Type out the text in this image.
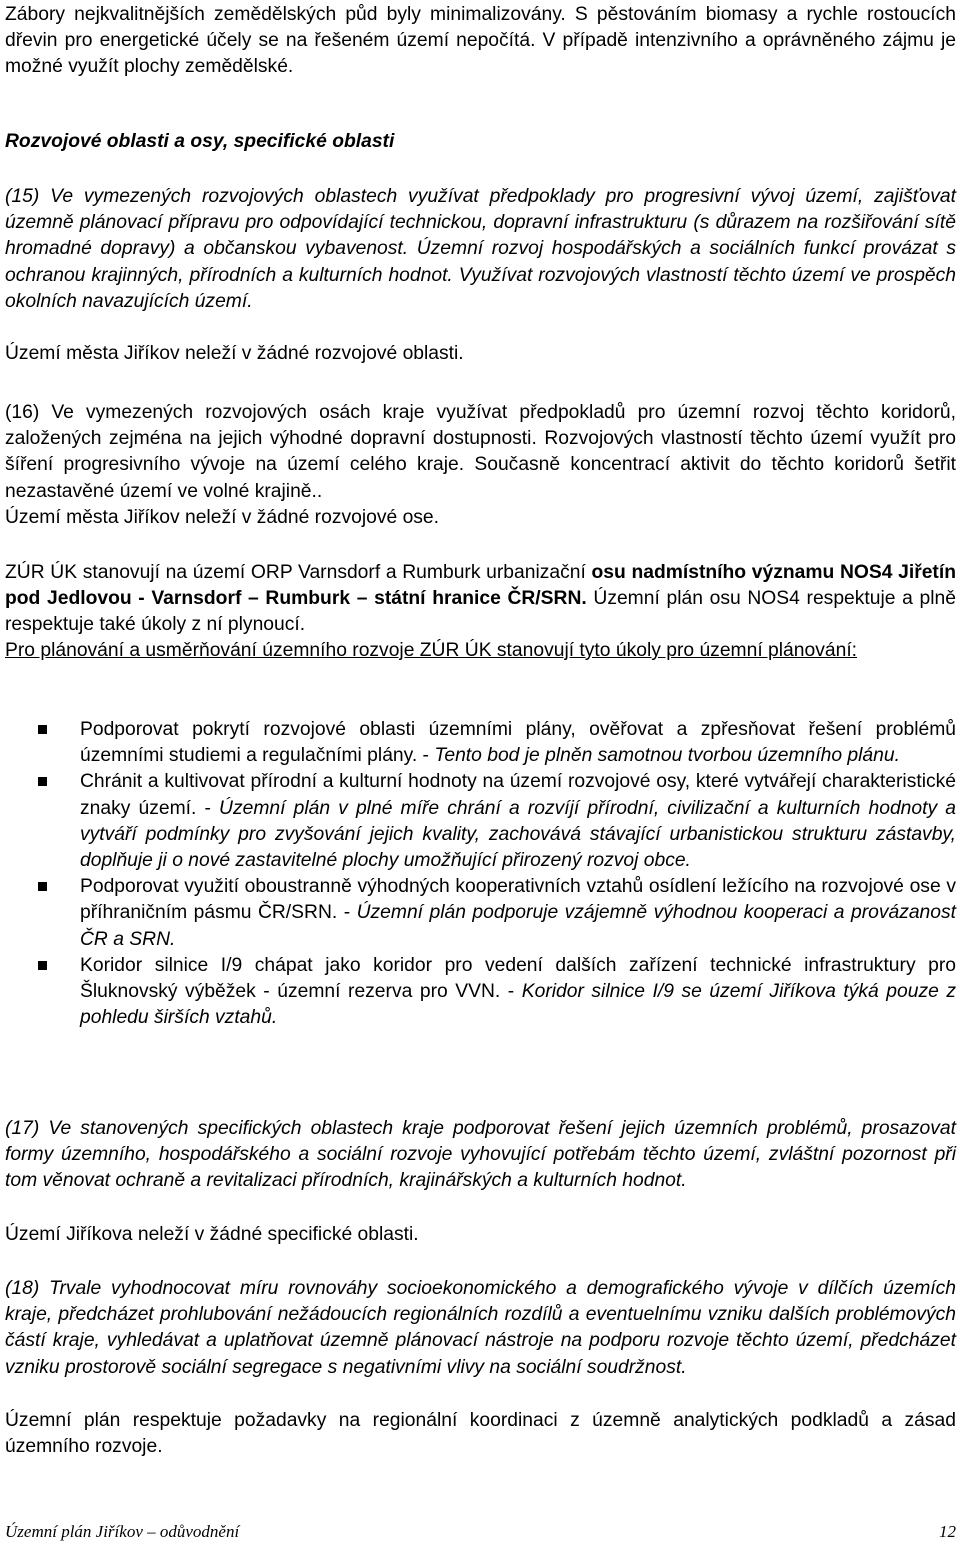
Zábory nejkvalitnějších zemědělských půd byly minimalizovány. S pěstováním biomasy a rychle rostoucích dřevin pro energetické účely se na řešeném území nepočítá. V případě intenzivního a oprávněného zájmu je možné využít plochy zemědělské.

Rozvojové oblasti a osy, specifické oblasti

(15) Ve vymezených rozvojových oblastech využívat předpoklady pro progresivní vývoj území, zajišťovat územně plánovací přípravu pro odpovídající technickou, dopravní infrastrukturu (s důrazem na rozšiřování sítě hromadné dopravy) a občanskou vybavenost. Územní rozvoj hospodářských a sociálních funkcí provázat s ochranou krajinných, přírodních a kulturních hodnot. Využívat rozvojových vlastností těchto území ve prospěch okolních navazujících území.

Území města Jiříkov neleží v žádné rozvojové oblasti.

(16) Ve vymezených rozvojových osách kraje využívat předpokladů pro územní rozvoj těchto koridorů, založených zejména na jejich výhodné dopravní dostupnosti. Rozvojových vlastností těchto území využít pro šíření progresivního vývoje na území celého kraje. Současně koncentrací aktivit do těchto koridorů šetřit nezastavěné území ve volné krajině..

Území města Jiříkov neleží v žádné rozvojové ose.

ZÚR ÚK stanovují na území ORP Varnsdorf a Rumburk urbanizační osu nadmístního významu NOS4 Jiřetín pod Jedlovou - Varnsdorf – Rumburk – státní hranice ČR/SRN. Územní plán osu NOS4 respektuje a plně respektuje také úkoly z ní plynoucí.

Pro plánování a usměrňování územního rozvoje ZÚR ÚK stanovují tyto úkoly pro územní plánování:

Podporovat pokrytí rozvojové oblasti územními plány, ověřovat a zpřesňovat řešení problémů územními studiemi a regulačními plány. - Tento bod je plněn samotnou tvorbou územního plánu.
Chránit a kultivovat přírodní a kulturní hodnoty na území rozvojové osy, které vytvářejí charakteristické znaky území. - Územní plán v plné míře chrání a rozvíjí přírodní, civilizační a kulturních hodnoty a vytváří podmínky pro zvyšování jejich kvality, zachovává stávající urbanistickou strukturu zástavby, doplňuje ji o nové zastavitelné plochy umožňující přirozený rozvoj obce.
Podporovat využití oboustranně výhodných kooperativních vztahů osídlení ležícího na rozvojové ose v příhraničním pásmu ČR/SRN. - Územní plán podporuje vzájemně výhodnou kooperaci a provázanost ČR a SRN.
Koridor silnice I/9 chápat jako koridor pro vedení dalších zařízení technické infrastruktury pro Šluknovský výběžek - územní rezerva pro VVN. - Koridor silnice I/9 se území Jiříkova týká pouze z pohledu širších vztahů.

(17) Ve stanovených specifických oblastech kraje podporovat řešení jejich územních problémů, prosazovat formy územního, hospodářského a sociální rozvoje vyhovující potřebám těchto území, zvláštní pozornost při tom věnovat ochraně a revitalizaci přírodních, krajinářských a kulturních hodnot.

Území Jiříkova neleží v žádné specifické oblasti.

(18) Trvale vyhodnocovat míru rovnováhy socioekonomického a demografického vývoje v dílčích územích kraje, předcházet prohlubování nežádoucích regionálních rozdílů a eventuelnímu vzniku dalších problémových částí kraje, vyhledávat a uplatňovat územně plánovací nástroje na podporu rozvoje těchto území, předcházet vzniku prostorově sociální segregace s negativními vlivy na sociální soudržnost.

Územní plán respektuje požadavky na regionální koordinaci z územně analytických podkladů a zásad územního rozvoje.

Územní plán Jiříkov – odůvodnění	12
